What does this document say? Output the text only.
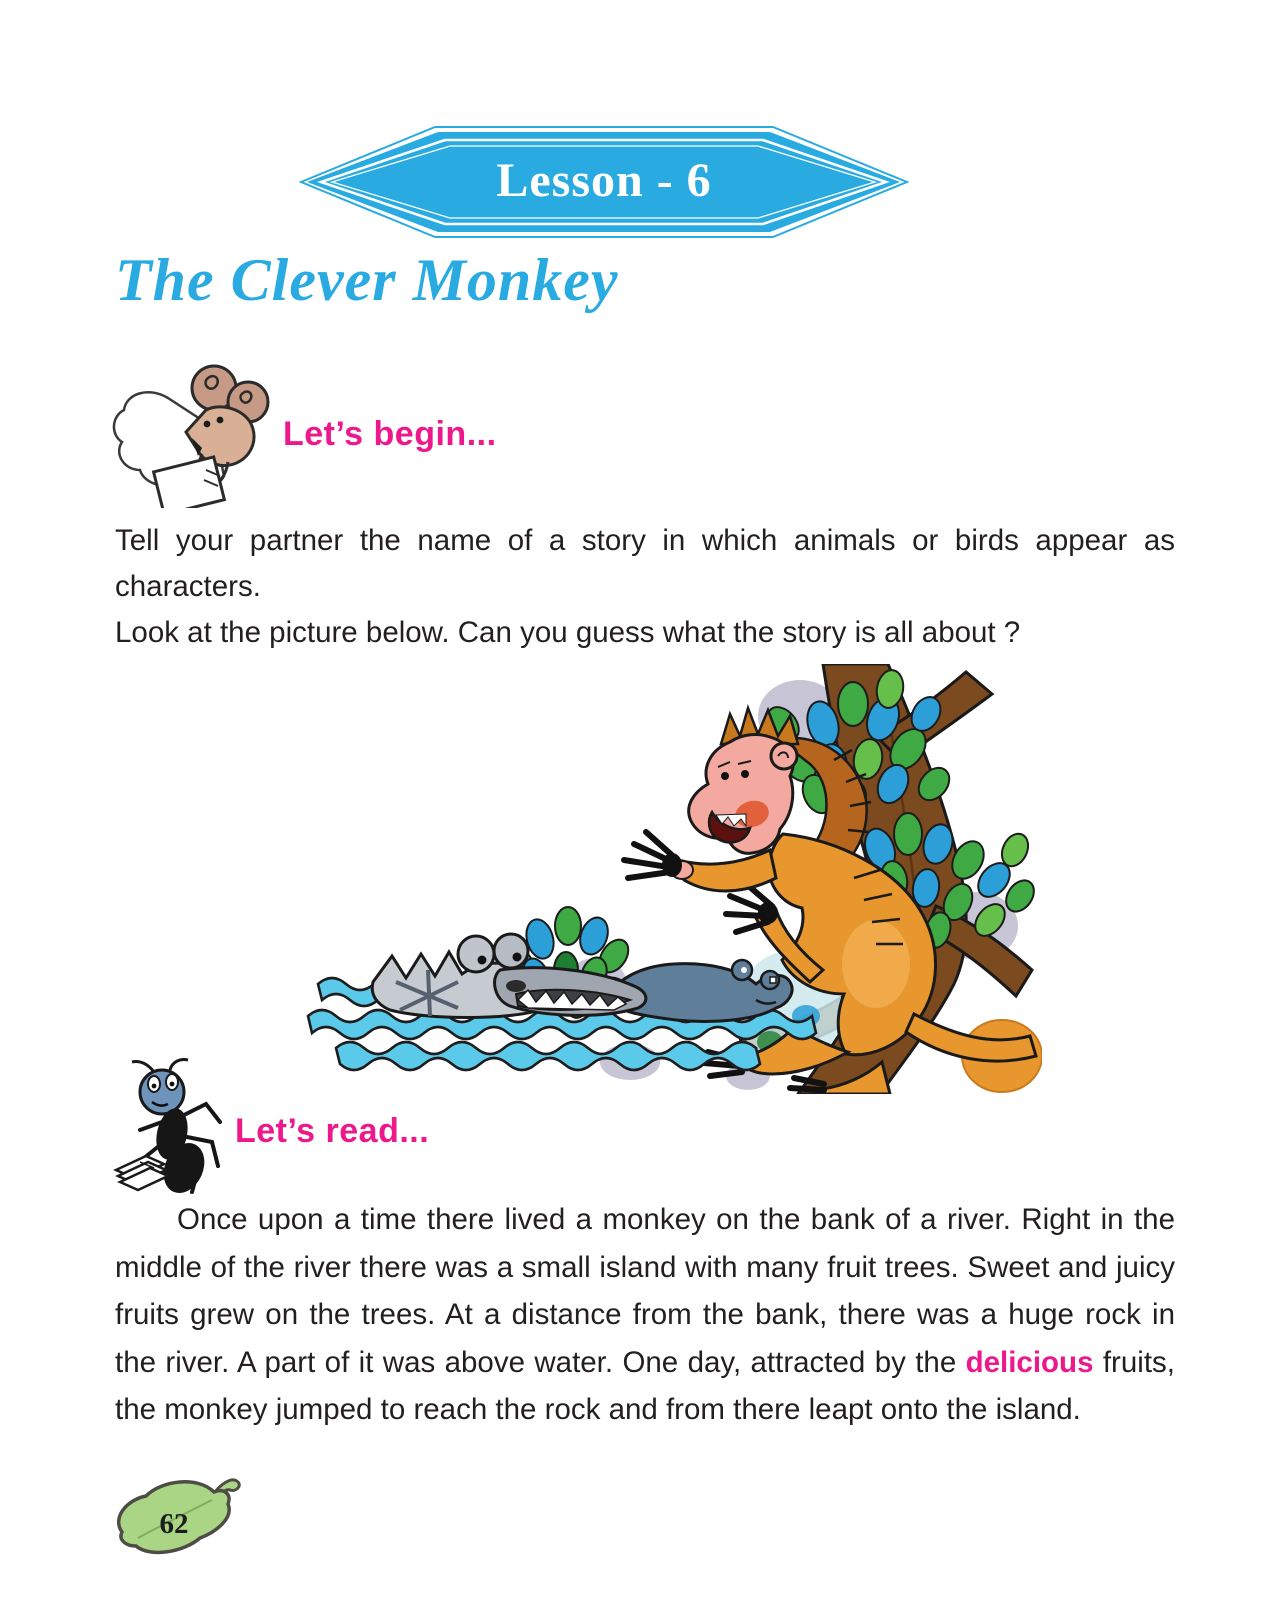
Lesson - 6
The Clever Monkey
Let’s begin...

Tell your partner the name of a story in which animals or birds appear as characters.

Look at the picture below. Can you guess what the story is all about ?

Let’s read...

Once upon a time there lived a monkey on the bank of a river. Right in the middle of the river there was a small island with many fruit trees. Sweet and juicy fruits grew on the trees. At a distance from the bank, there was a huge rock in the river. A part of it was above water. One day, attracted by the delicious fruits, the monkey jumped to reach the rock and from there leapt onto the island.

62
